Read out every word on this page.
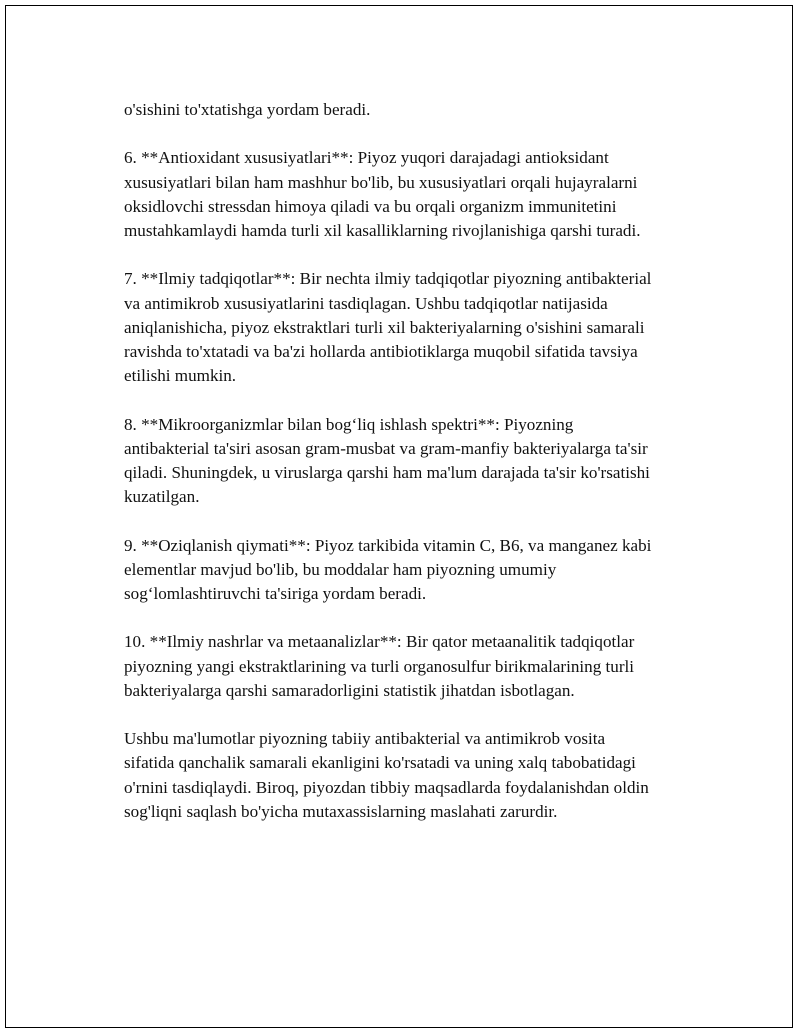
o'sishini to'xtatishga yordam beradi.

6. **Antioxidant xususiyatlari**: Piyoz yuqori darajadagi antioksidant
xususiyatlari bilan ham mashhur bo'lib, bu xususiyatlari orqali hujayralarni
oksidlovchi stressdan himoya qiladi va bu orqali organizm immunitetini
mustahkamlaydi hamda turli xil kasalliklarning rivojlanishiga qarshi turadi.

7. **Ilmiy tadqiqotlar**: Bir nechta ilmiy tadqiqotlar piyozning antibakterial
va antimikrob xususiyatlarini tasdiqlagan. Ushbu tadqiqotlar natijasida
aniqlanishicha, piyoz ekstraktlari turli xil bakteriyalarning o'sishini samarali
ravishda to'xtatadi va ba'zi hollarda antibiotiklarga muqobil sifatida tavsiya
etilishi mumkin.

8. **Mikroorganizmlar bilan bog‘liq ishlash spektri**: Piyozning
antibakterial ta'siri asosan gram-musbat va gram-manfiy bakteriyalarga ta'sir
qiladi. Shuningdek, u viruslarga qarshi ham ma'lum darajada ta'sir ko'rsatishi
kuzatilgan.

9. **Oziqlanish qiymati**: Piyoz tarkibida vitamin C, B6, va manganez kabi
elementlar mavjud bo'lib, bu moddalar ham piyozning umumiy
sog‘lomlashtiruvchi ta'siriga yordam beradi.

10. **Ilmiy nashrlar va metaanalizlar**: Bir qator metaanalitik tadqiqotlar
piyozning yangi ekstraktlarining va turli organosulfur birikmalarining turli
bakteriyalarga qarshi samaradorligini statistik jihatdan isbotlagan.

Ushbu ma'lumotlar piyozning tabiiy antibakterial va antimikrob vosita
sifatida qanchalik samarali ekanligini ko'rsatadi va uning xalq tabobatidagi
o'rnini tasdiqlaydi. Biroq, piyozdan tibbiy maqsadlarda foydalanishdan oldin
sog'liqni saqlash bo'yicha mutaxassislarning maslahati zarurdir.
